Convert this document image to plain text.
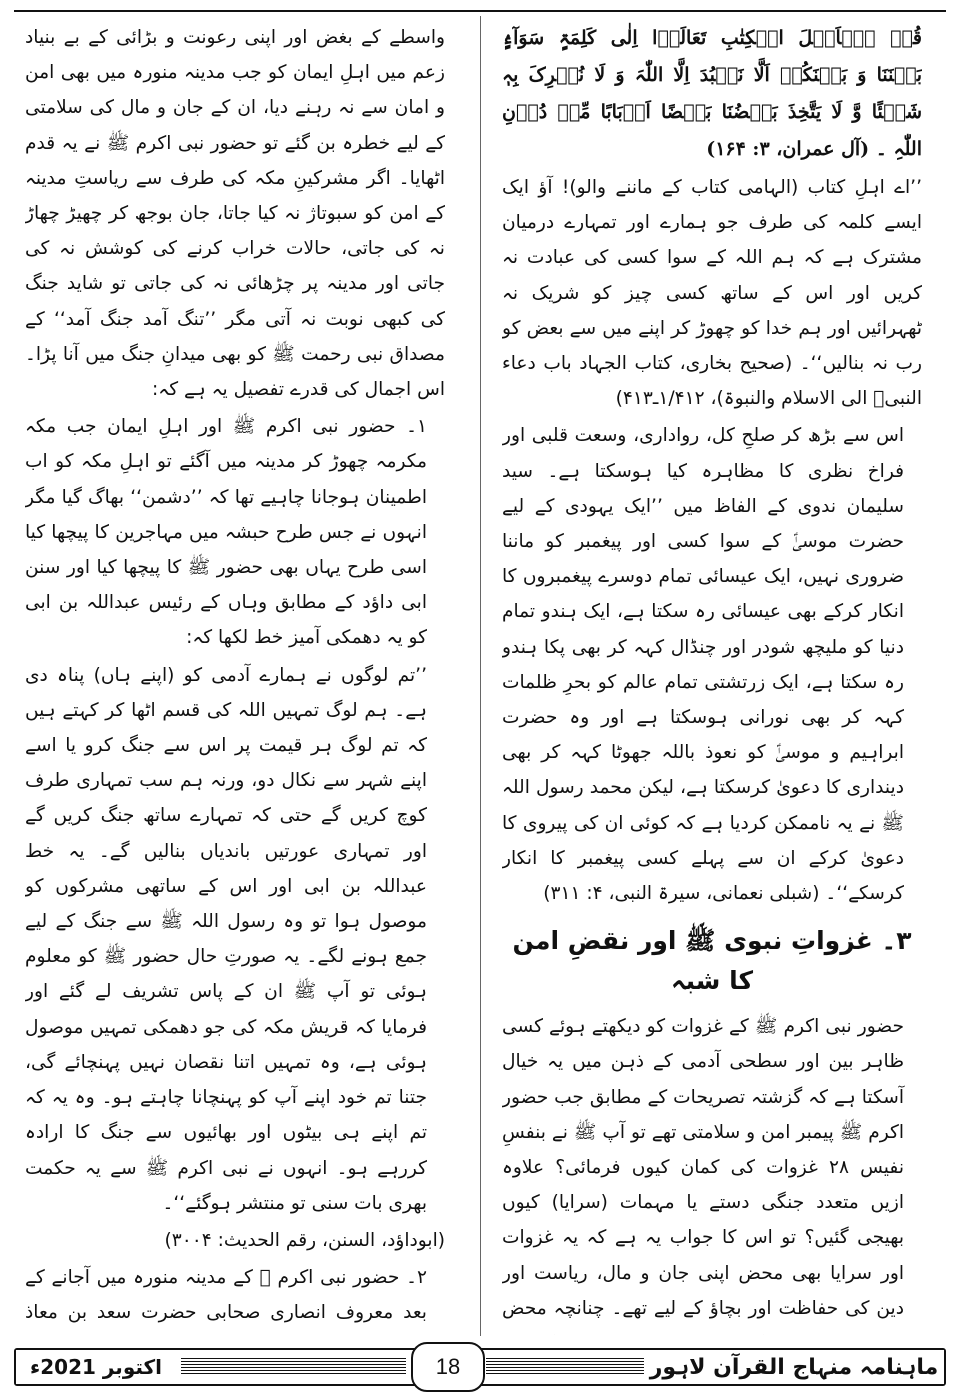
قُلۡ یٰۤاَہۡلَ الۡکِتٰبِ تَعَالَوۡا اِلٰی کَلِمَۃٍ سَوَآءٍۢ بَیۡنَنَا وَ بَیۡنَکُمۡ اَلَّا نَعۡبُدَ اِلَّا اللّٰہَ وَ لَا نُشۡرِکَ بِہٖ شَیۡئًا وَّ لَا یَتَّخِذَ بَعۡضُنَا بَعۡضًا اَرۡبَابًا مِّنۡ دُوۡنِ اللّٰہِ ۔ (آل عمران، ۳: ۱۶۴)

’’اے اہلِ کتاب (الہامی کتاب کے ماننے والو)! آؤ ایک ایسے کلمہ کی طرف جو ہمارے اور تمہارے درمیان مشترک ہے کہ ہم اللہ کے سوا کسی کی عبادت نہ کریں اور اس کے ساتھ کسی چیز کو شریک نہ ٹھہرائیں اور ہم خدا کو چھوڑ کر اپنے میں سے بعض کو رب نہ بنالیں‘‘۔ (صحیح بخاری، کتاب الجہاد باب دعاء النبیؐ الی الاسلام والنبوۃ)، ۱/۴۱۲ـ۴۱۳)

اس سے بڑھ کر صلحِ کل، رواداری، وسعت قلبی اور فراخ نظری کا مظاہرہ کیا ہوسکتا ہے۔ سید سلیمان ندوی کے الفاظ میں ’’ایک یہودی کے لیے حضرت موسیٰؑ کے سوا کسی اور پیغمبر کو ماننا ضروری نہیں، ایک عیسائی تمام دوسرے پیغمبروں کا انکار کرکے بھی عیسائی رہ سکتا ہے، ایک ہندو تمام دنیا کو ملیچھ شودر اور چنڈال کہہ کر بھی پکا ہندو رہ سکتا ہے، ایک زرتشتی تمام عالم کو بحرِ ظلمات کہہ کر بھی نورانی ہوسکتا ہے اور وہ حضرت ابراہیم و موسیٰؑ کو نعوذ باللہ جھوٹا کہہ کر بھی دینداری کا دعویٰ کرسکتا ہے، لیکن محمد رسول اللہ ﷺ نے یہ ناممکن کردیا ہے کہ کوئی ان کی پیروی کا دعویٰ کرکے ان سے پہلے کسی پیغمبر کا انکار کرسکے‘‘۔ (شبلی نعمانی، سیرۃ النبی، ۴: ۳۱۱)

۳۔ غزواتِ نبوی ﷺ اور نقضِ امن کا شبہ

حضور نبی اکرم ﷺ کے غزوات کو دیکھتے ہوئے کسی ظاہر بین اور سطحی آدمی کے ذہن میں یہ خیال آسکتا ہے کہ گزشتہ تصریحات کے مطابق جب حضور اکرم ﷺ پیمبر امن و سلامتی تھے تو آپ ﷺ نے بنفسِ نفیس ۲۸ غزوات کی کمان کیوں فرمائی؟ علاوہ ازیں متعدد جنگی دستے یا مہمات (سرایا) کیوں بھیجی گئیں؟ تو اس کا جواب یہ ہے کہ یہ غزوات اور سرایا بھی محض اپنی جان و مال، ریاست اور دین کی حفاظت اور بچاؤ کے لیے تھے۔ چنانچہ محض

واسطے کے بغض اور اپنی رعونت و بڑائی کے بے بنیاد زعم میں اہلِ ایمان کو جب مدینہ منورہ میں بھی امن و امان سے نہ رہنے دیا، ان کے جان و مال کی سلامتی کے لیے خطرہ بن گئے تو حضور نبی اکرم ﷺ نے یہ قدم اٹھایا۔ اگر مشرکینِ مکہ کی طرف سے ریاستِ مدینہ کے امن کو سبوتاژ نہ کیا جاتا، جان بوجھ کر چھیڑ چھاڑ نہ کی جاتی، حالات خراب کرنے کی کوشش نہ کی جاتی اور مدینہ پر چڑھائی نہ کی جاتی تو شاید جنگ کی کبھی نوبت نہ آتی مگر ’’تنگ آمد جنگ آمد‘‘ کے مصداق نبی رحمت ﷺ کو بھی میدانِ جنگ میں آنا پڑا۔ اس اجمال کی قدرے تفصیل یہ ہے کہ:

۱۔ حضور نبی اکرم ﷺ اور اہلِ ایمان جب مکہ مکرمہ چھوڑ کر مدینہ میں آگئے تو اہلِ مکہ کو اب اطمینان ہوجانا چاہیے تھا کہ ’’دشمن‘‘ بھاگ گیا مگر انہوں نے جس طرح حبشہ میں مہاجرین کا پیچھا کیا اسی طرح یہاں بھی حضور ﷺ کا پیچھا کیا اور سنن ابی داؤد کے مطابق وہاں کے رئیس عبداللہ بن ابی کو یہ دھمکی آمیز خط لکھا کہ:

’’تم لوگوں نے ہمارے آدمی کو (اپنے ہاں) پناہ دی ہے۔ ہم لوگ تمہیں اللہ کی قسم اٹھا کر کہتے ہیں کہ تم لوگ ہر قیمت پر اس سے جنگ کرو یا اسے اپنے شہر سے نکال دو، ورنہ ہم سب تمہاری طرف کوچ کریں گے حتی کہ تمہارے ساتھ جنگ کریں گے اور تمہاری عورتیں باندیاں بنالیں گے۔ یہ خط عبداللہ بن ابی اور اس کے ساتھی مشرکوں کو موصول ہوا تو وہ رسول اللہ ﷺ سے جنگ کے لیے جمع ہونے لگے۔ یہ صورتِ حال حضور ﷺ کو معلوم ہوئی تو آپ ﷺ ان کے پاس تشریف لے گئے اور فرمایا کہ قریش مکہ کی جو دھمکی تمہیں موصول ہوئی ہے، وہ تمہیں اتنا نقصان نہیں پہنچائے گی، جتنا تم خود اپنے آپ کو پہنچانا چاہتے ہو۔ وہ یہ کہ تم اپنے ہی بیٹوں اور بھائیوں سے جنگ کا ارادہ کررہے ہو۔ انہوں نے نبی اکرم ﷺ سے یہ حکمت بھری بات سنی تو منتشر ہوگئے‘‘۔

(ابوداؤد، السنن، رقم الحدیث: ۳۰۰۴)

۲۔ حضور نبی اکرم ﷺ کے مدینہ منورہ میں آجانے کے بعد معروف انصاری صحابی حضرت سعد بن معاذ

اکتوبر 2021ء	18	ماہنامہ منہاج القرآن لاہور
